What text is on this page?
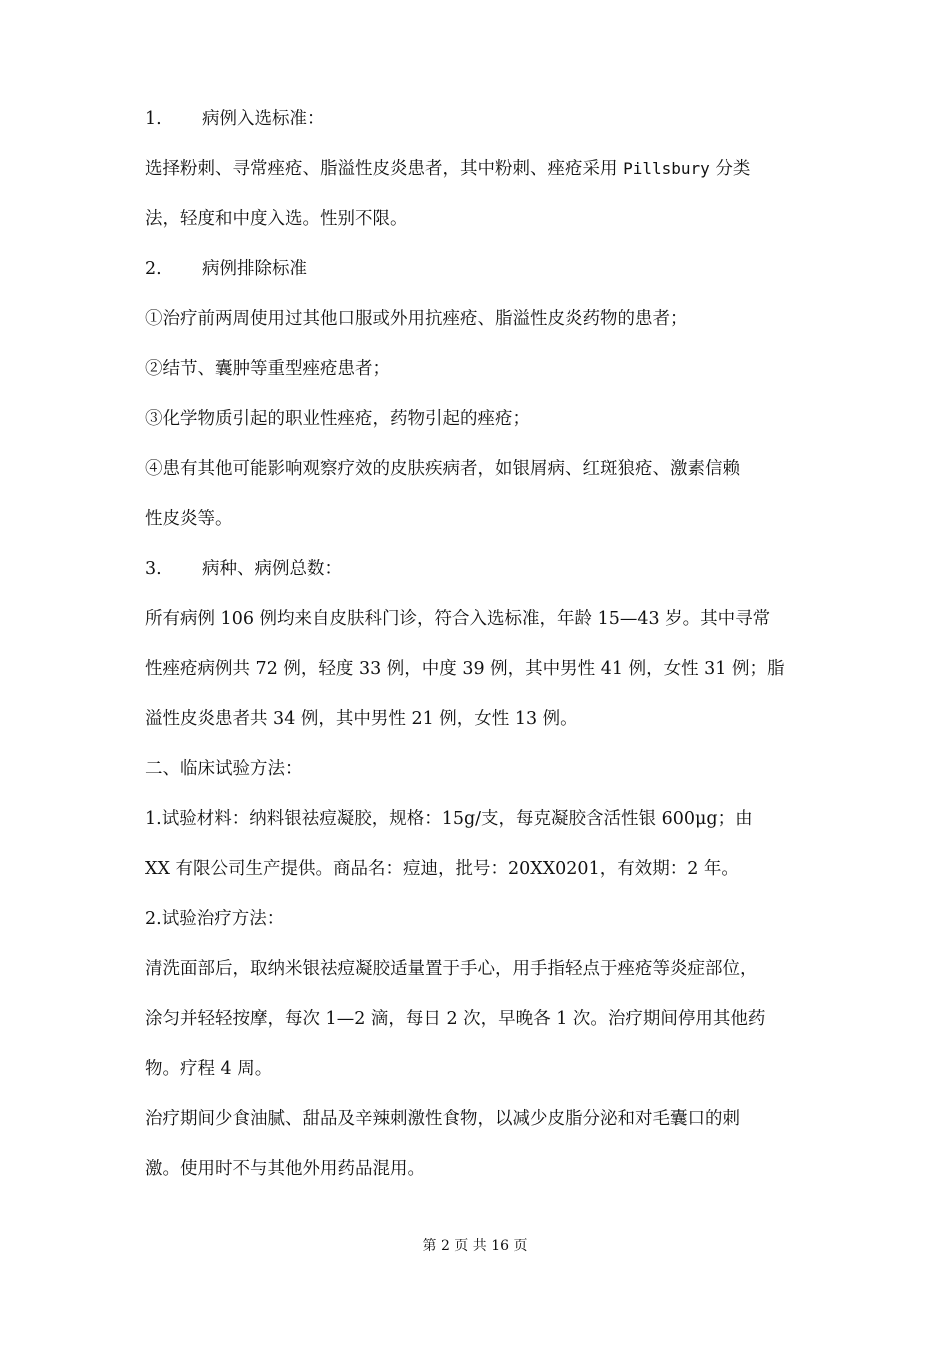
1. 病例入选标准：

选择粉刺、寻常痤疮、脂溢性皮炎患者，其中粉刺、痤疮采用 Pillsbury 分类

法，轻度和中度入选。性别不限。

2. 病例排除标准

①治疗前两周使用过其他口服或外用抗痤疮、脂溢性皮炎药物的患者；

②结节、囊肿等重型痤疮患者；

③化学物质引起的职业性痤疮，药物引起的痤疮；

④患有其他可能影响观察疗效的皮肤疾病者，如银屑病、红斑狼疮、激素信赖

性皮炎等。

3. 病种、病例总数：

所有病例 106 例均来自皮肤科门诊，符合入选标准，年龄 15—43 岁。其中寻常

性痤疮病例共 72 例，轻度 33 例，中度 39 例，其中男性 41 例，女性 31 例；脂

溢性皮炎患者共 34 例，其中男性 21 例，女性 13 例。

二、临床试验方法：

1.试验材料：纳料银祛痘凝胶，规格：15g/支，每克凝胶含活性银 600μg；由

XX 有限公司生产提供。商品名：痘迪，批号：20XX0201，有效期：2 年。

2.试验治疗方法：

清洗面部后，取纳米银祛痘凝胶适量置于手心，用手指轻点于痤疮等炎症部位，

涂匀并轻轻按摩，每次 1—2 滴，每日 2 次，早晚各 1 次。治疗期间停用其他药

物。疗程 4 周。

治疗期间少食油腻、甜品及辛辣刺激性食物，以减少皮脂分泌和对毛囊口的刺

激。使用时不与其他外用药品混用。

第 2 页 共 16 页
